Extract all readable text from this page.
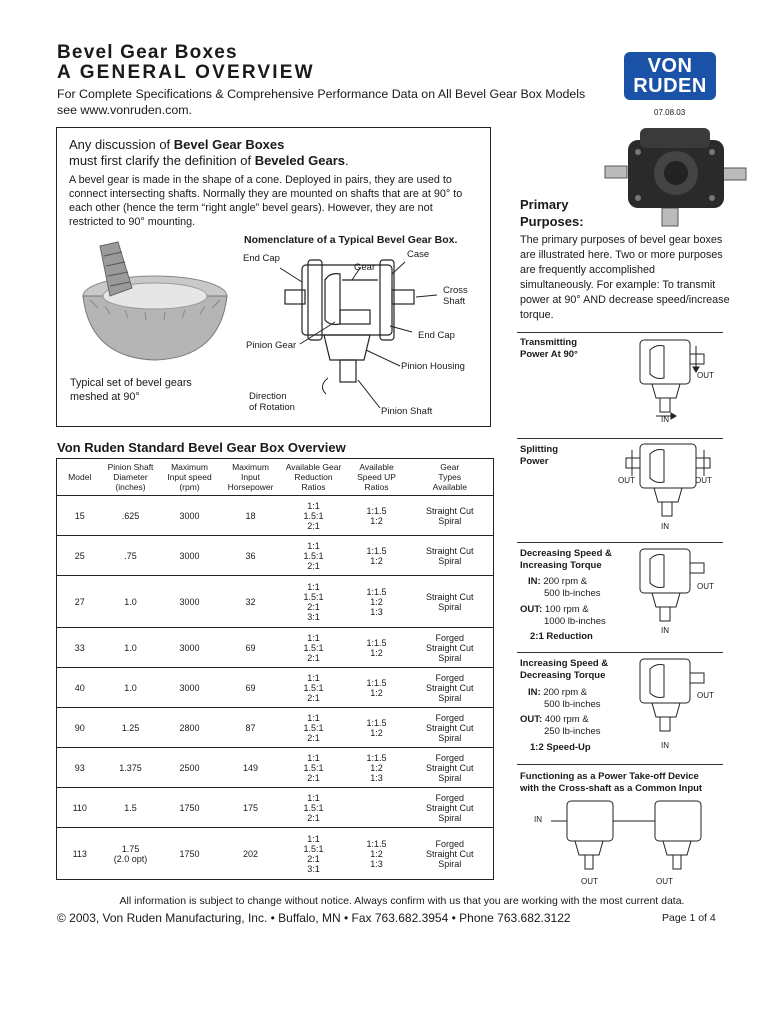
Bevel Gear Boxes
A GENERAL OVERVIEW
For Complete Specifications & Comprehensive Performance Data on All Bevel Gear Box Models
see www.vonruden.com.
VON
RUDEN
07.08.03
Any discussion of Bevel Gear Boxes
must first clarify the definition of Beveled Gears.
A bevel gear is made in the shape of a cone. Deployed in pairs, they are used to connect intersecting shafts. Normally they are mounted on shafts that are at 90° to each other (hence the term “right angle” bevel gears). However, they are not restricted to 90° mounting.
Typical set of bevel gears meshed at 90°
Nomenclature of a Typical Bevel Gear Box.
End Cap
Gear
Case
Cross
Shaft
End Cap
Pinion Gear
Pinion Housing
Direction
of Rotation	Pinion Shaft
Primary
Purposes:
The primary purposes of bevel gear boxes are illustrated here. Two or more purposes are frequently accomplished simultaneously. For example: To transmit power at 90° AND decrease speed/increase torque.
Transmitting
Power At 90°
Splitting
Power
Decreasing Speed &
Increasing Torque
IN: 200 rpm &
500 lb-inches
OUT: 100 rpm &
1000 lb-inches
2:1 Reduction
Increasing Speed &
Decreasing Torque
IN: 200 rpm &
500 lb-inches
OUT: 400 rpm &
250 lb-inches
1:2 Speed-Up
Functioning as a Power Take-off Device
with the Cross-shaft as a Common Input
OUT
IN
OUT	OUT
IN
OUT
IN
OUT
IN
IN
OUT	OUT
Von Ruden Standard Bevel Gear Box Overview
Model	Pinion Shaft
Diameter
(inches)	Maximum
Input speed
(rpm)	Maximum
Input
Horsepower	Available Gear
Reduction
Ratios	Available
Speed UP
Ratios	Gear
Types
Available
15	.625	3000	18	1:1
1.5:1
2:1	1:1.5
1:2	Straight Cut
Spiral
25	.75	3000	36	1:1
1.5:1
2:1	1:1.5
1:2	Straight Cut
Spiral
27	1.0	3000	32	1:1
1.5:1
2:1
3:1	1:1.5
1:2
1:3	Straight Cut
Spiral
33	1.0	3000	69	1:1
1.5:1
2:1	1:1.5
1:2	Forged
Straight Cut
Spiral
40	1.0	3000	69	1:1
1.5:1
2:1	1:1.5
1:2	Forged
Straight Cut
Spiral
90	1.25	2800	87	1:1
1.5:1
2:1	1:1.5
1:2	Forged
Straight Cut
Spiral
93	1.375	2500	149	1:1
1.5:1
2:1	1:1.5
1:2
1:3	Forged
Straight Cut
Spiral
110	1.5	1750	175	1:1
1.5:1
2:1		Forged
Straight Cut
Spiral
113	1.75
(2.0 opt)	1750	202	1:1
1.5:1
2:1
3:1	1:1.5
1:2
1:3	Forged
Straight Cut
Spiral
All information is subject to change without notice. Always confirm with us that you are working with the most current data.
© 2003, Von Ruden Manufacturing, Inc. • Buffalo, MN • Fax 763.682.3954 • Phone 763.682.3122	Page 1 of 4
